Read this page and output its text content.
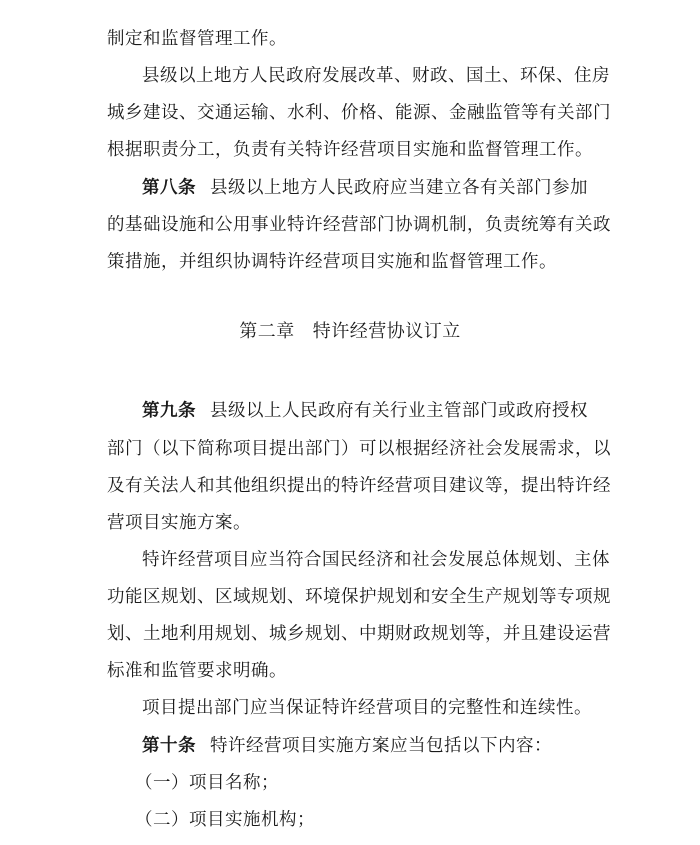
制定和监督管理工作。
县级以上地方人民政府发展改革、财政、国土、环保、住房
城乡建设、交通运输、水利、价格、能源、金融监管等有关部门
根据职责分工，负责有关特许经营项目实施和监督管理工作。
第八条 县级以上地方人民政府应当建立各有关部门参加
的基础设施和公用事业特许经营部门协调机制，负责统筹有关政
策措施，并组织协调特许经营项目实施和监督管理工作。
第二章 特许经营协议订立
第九条 县级以上人民政府有关行业主管部门或政府授权
部门（以下简称项目提出部门）可以根据经济社会发展需求，以
及有关法人和其他组织提出的特许经营项目建议等，提出特许经
营项目实施方案。
特许经营项目应当符合国民经济和社会发展总体规划、主体
功能区规划、区域规划、环境保护规划和安全生产规划等专项规
划、土地利用规划、城乡规划、中期财政规划等，并且建设运营
标准和监管要求明确。
项目提出部门应当保证特许经营项目的完整性和连续性。
第十条 特许经营项目实施方案应当包括以下内容：
（一）项目名称；
（二）项目实施机构；
